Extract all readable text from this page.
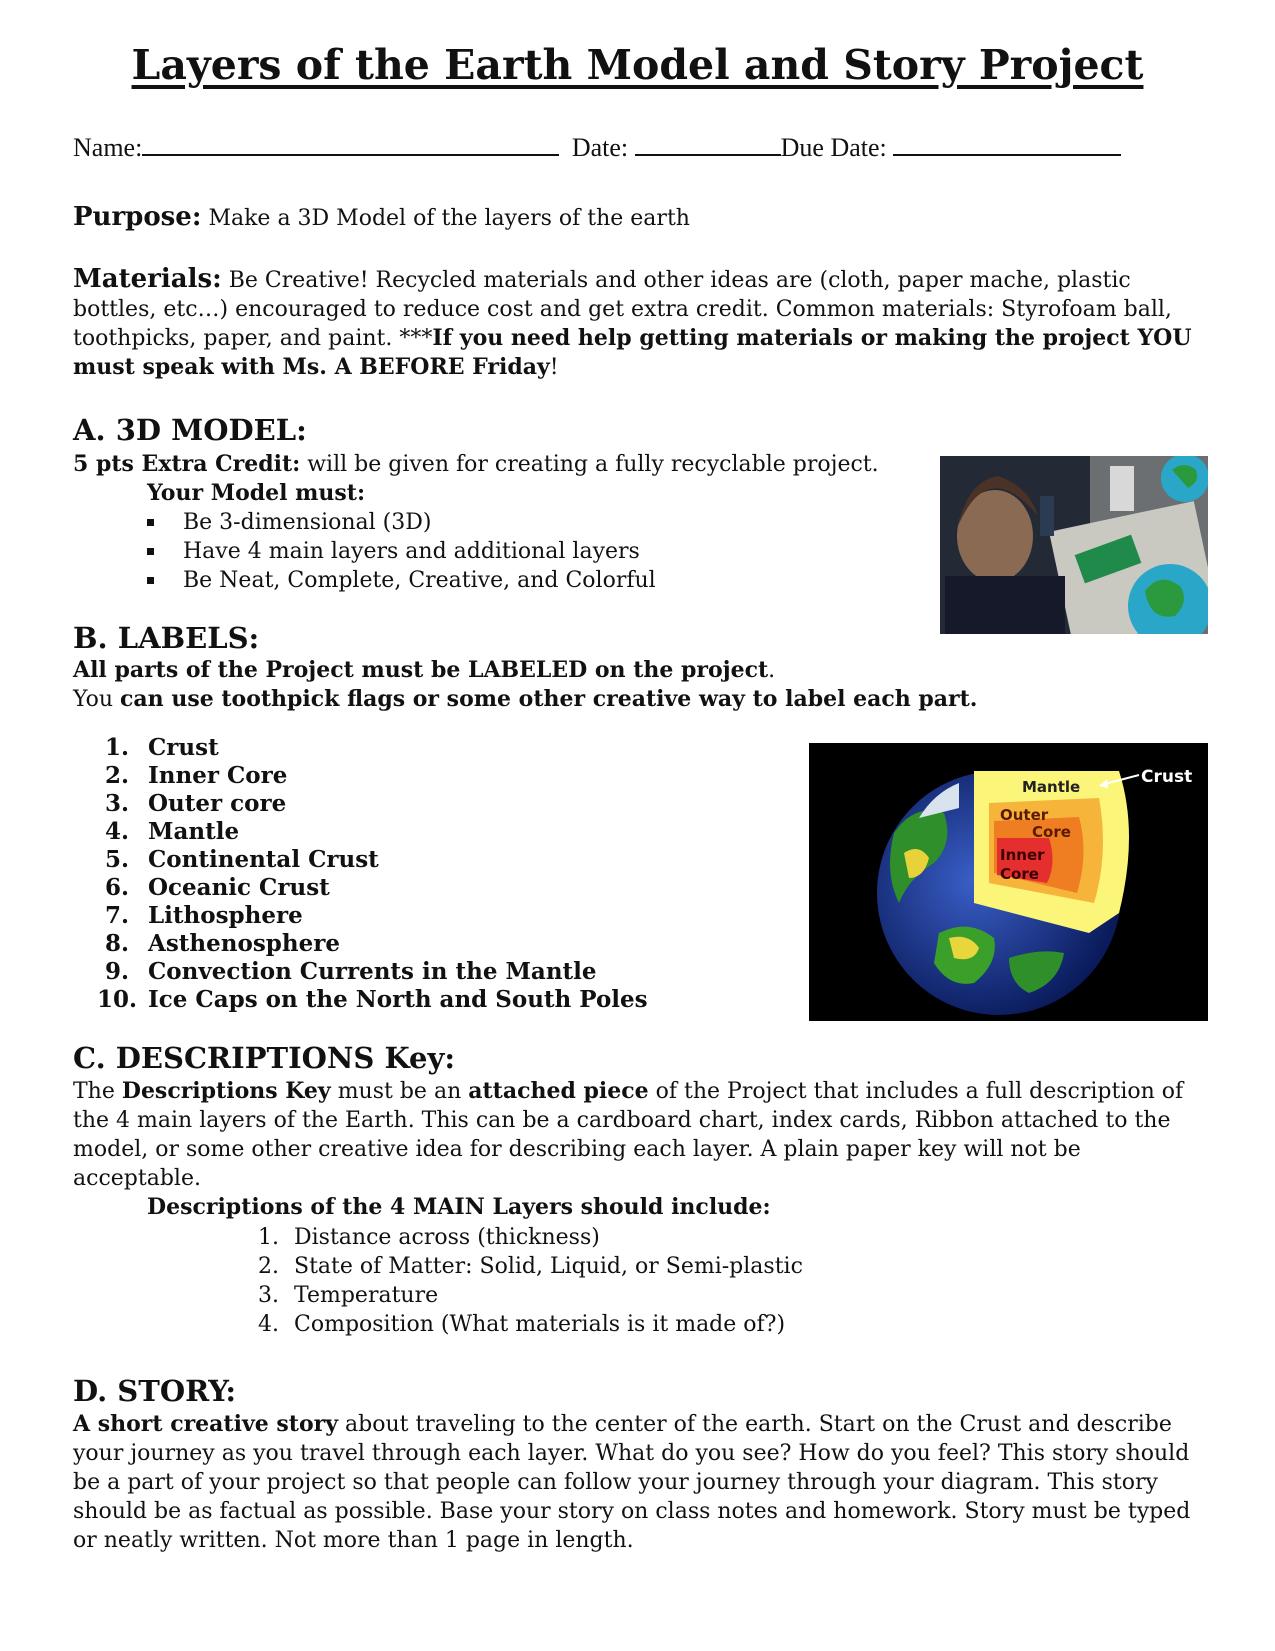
Layers of the Earth Model and Story Project
Name:	Date:	Due Date:
Purpose: Make a 3D Model of the layers of the earth
Materials: Be Creative! Recycled materials and other ideas are (cloth, paper mache, plastic bottles, etc…) encouraged to reduce cost and get extra credit. Common materials: Styrofoam ball, toothpicks, paper, and paint. ***If you need help getting materials or making the project YOU must speak with Ms. A BEFORE Friday!
A. 3D MODEL:
5 pts Extra Credit: will be given for creating a fully recyclable project.
Your Model must:
Be 3-dimensional (3D)
Have 4 main layers and additional layers
Be Neat, Complete, Creative, and Colorful
B. LABELS:
All parts of the Project must be LABELED on the project.
You can use toothpick flags or some other creative way to label each part.
1. Crust
2. Inner Core
3. Outer core
4. Mantle
5. Continental Crust
6. Oceanic Crust
7. Lithosphere
8. Asthenosphere
9. Convection Currents in the Mantle
10. Ice Caps on the North and South Poles
Mantle
Outer
Core
Inner
Core
Crust
C. DESCRIPTIONS Key:
The Descriptions Key must be an attached piece of the Project that includes a full description of the 4 main layers of the Earth. This can be a cardboard chart, index cards, Ribbon attached to the model, or some other creative idea for describing each layer. A plain paper key will not be acceptable.
Descriptions of the 4 MAIN Layers should include:
1. Distance across (thickness)
2. State of Matter: Solid, Liquid, or Semi-plastic
3. Temperature
4. Composition (What materials is it made of?)
D. STORY:
A short creative story about traveling to the center of the earth. Start on the Crust and describe your journey as you travel through each layer. What do you see? How do you feel? This story should be a part of your project so that people can follow your journey through your diagram. This story should be as factual as possible. Base your story on class notes and homework. Story must be typed or neatly written. Not more than 1 page in length.
